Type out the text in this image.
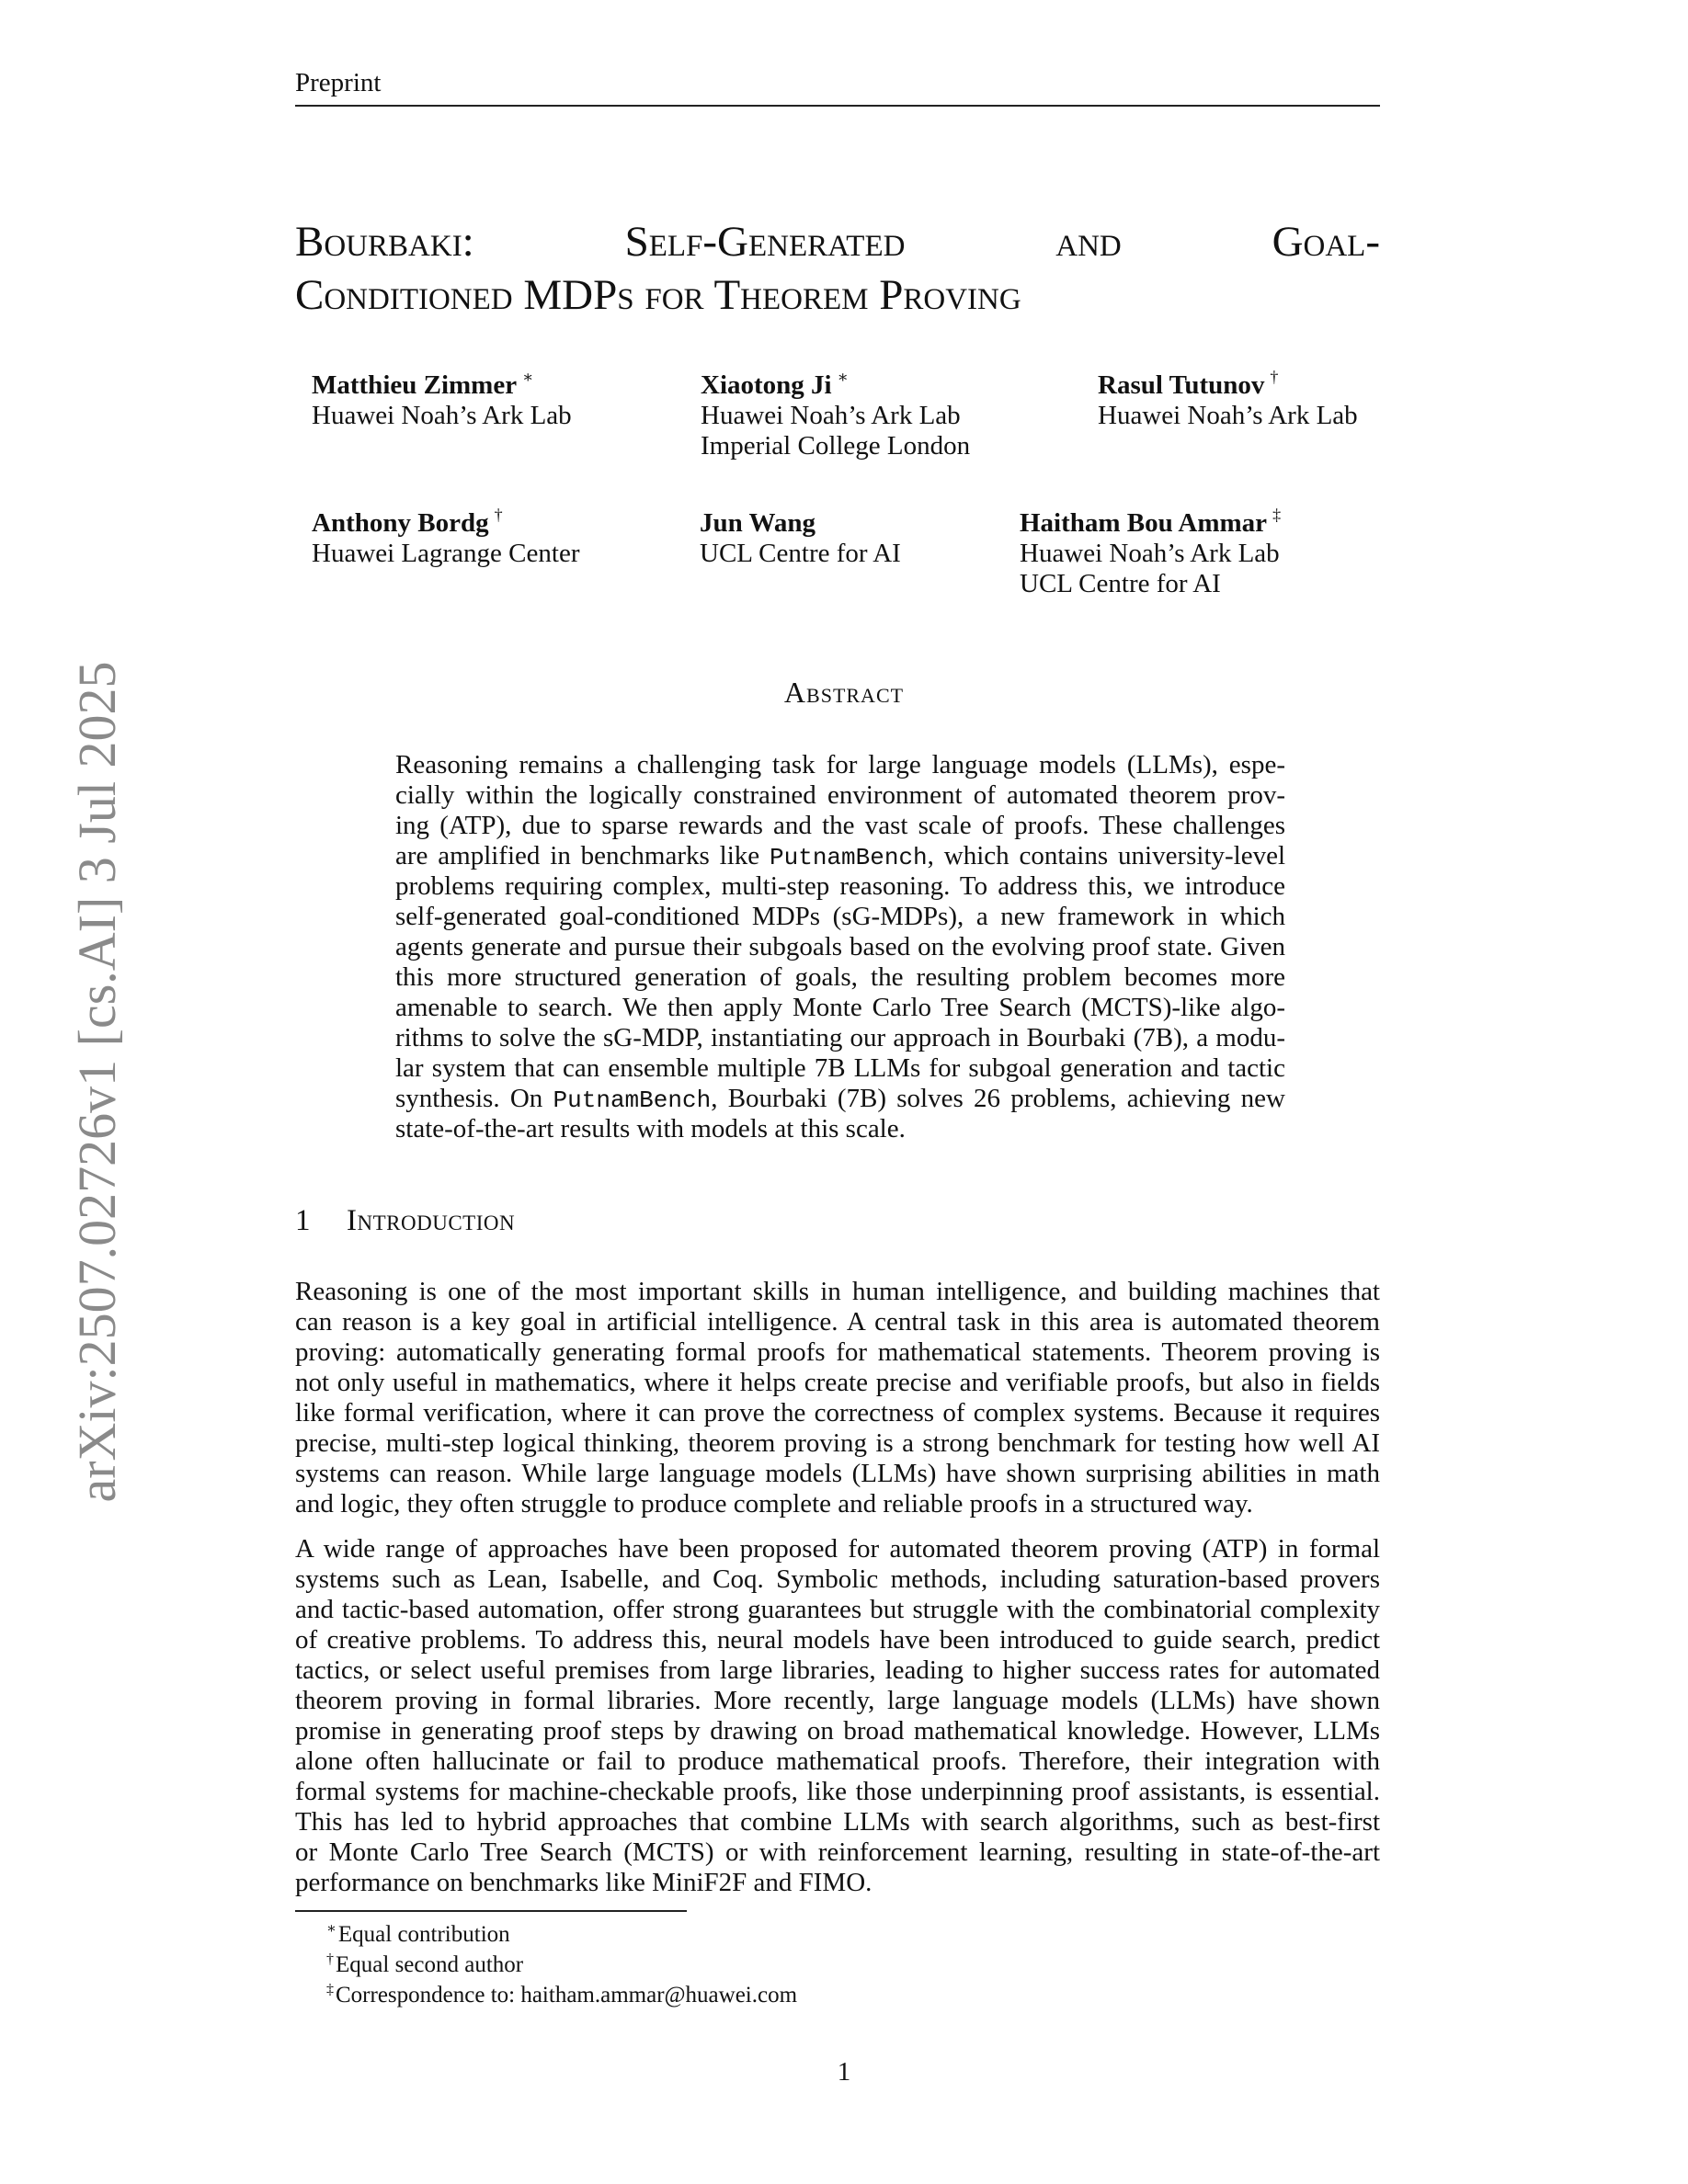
Preprint
arXiv:2507.02726v1 [cs.AI] 3 Jul 2025
Bourbaki:	Self-Generated	and	Goal-
Conditioned MDPs for Theorem Proving
Matthieu Zimmer ∗
Huawei Noah’s Ark Lab
Xiaotong Ji ∗
Huawei Noah’s Ark Lab
Imperial College London
Rasul Tutunov †
Huawei Noah’s Ark Lab
Anthony Bordg †
Huawei Lagrange Center
Jun Wang
UCL Centre for AI
Haitham Bou Ammar ‡
Huawei Noah’s Ark Lab
UCL Centre for AI
Abstract
Reasoning remains a challenging task for large language models (LLMs), espe-
cially within the logically constrained environment of automated theorem prov-
ing (ATP), due to sparse rewards and the vast scale of proofs. These challenges
are amplified in benchmarks like PutnamBench, which contains university-level
problems requiring complex, multi-step reasoning. To address this, we introduce
self-generated goal-conditioned MDPs (sG-MDPs), a new framework in which
agents generate and pursue their subgoals based on the evolving proof state. Given
this more structured generation of goals, the resulting problem becomes more
amenable to search. We then apply Monte Carlo Tree Search (MCTS)-like algo-
rithms to solve the sG-MDP, instantiating our approach in Bourbaki (7B), a modu-
lar system that can ensemble multiple 7B LLMs for subgoal generation and tactic
synthesis. On PutnamBench, Bourbaki (7B) solves 26 problems, achieving new
state-of-the-art results with models at this scale.
1 Introduction
Reasoning is one of the most important skills in human intelligence, and building machines that
can reason is a key goal in artificial intelligence. A central task in this area is automated theorem
proving: automatically generating formal proofs for mathematical statements. Theorem proving is
not only useful in mathematics, where it helps create precise and verifiable proofs, but also in fields
like formal verification, where it can prove the correctness of complex systems. Because it requires
precise, multi-step logical thinking, theorem proving is a strong benchmark for testing how well AI
systems can reason. While large language models (LLMs) have shown surprising abilities in math
and logic, they often struggle to produce complete and reliable proofs in a structured way.
A wide range of approaches have been proposed for automated theorem proving (ATP) in formal
systems such as Lean, Isabelle, and Coq. Symbolic methods, including saturation-based provers
and tactic-based automation, offer strong guarantees but struggle with the combinatorial complexity
of creative problems. To address this, neural models have been introduced to guide search, predict
tactics, or select useful premises from large libraries, leading to higher success rates for automated
theorem proving in formal libraries. More recently, large language models (LLMs) have shown
promise in generating proof steps by drawing on broad mathematical knowledge. However, LLMs
alone often hallucinate or fail to produce mathematical proofs. Therefore, their integration with
formal systems for machine-checkable proofs, like those underpinning proof assistants, is essential.
This has led to hybrid approaches that combine LLMs with search algorithms, such as best-first
or Monte Carlo Tree Search (MCTS) or with reinforcement learning, resulting in state-of-the-art
performance on benchmarks like MiniF2F and FIMO.
∗Equal contribution
†Equal second author
‡Correspondence to: haitham.ammar@huawei.com
1
